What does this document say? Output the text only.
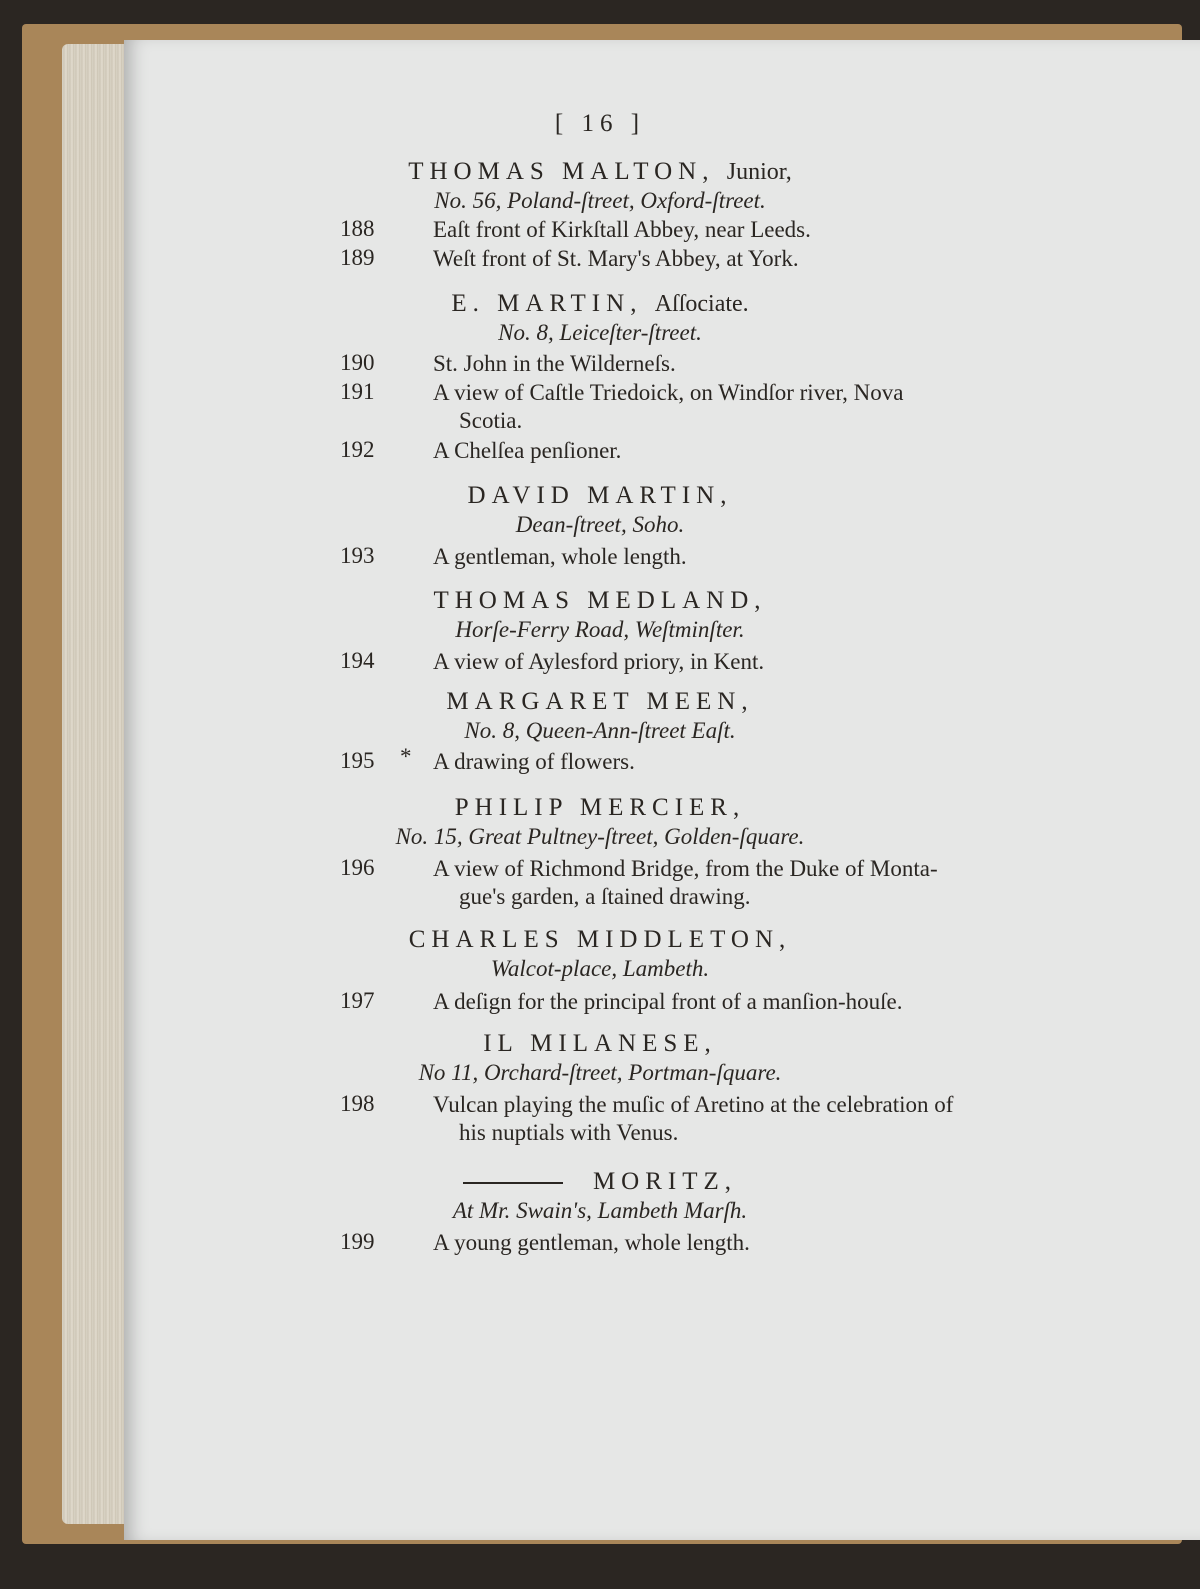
[ 16 ]
THOMAS MALTON, Junior,
No. 56, Poland-ſtreet, Oxford-ſtreet.
188	Eaſt front of Kirkſtall Abbey, near Leeds.
189	Weſt front of St. Mary's Abbey, at York.
E. MARTIN, Aſſociate.
No. 8, Leiceſter-ſtreet.
190	St. John in the Wilderneſs.
191	A view of Caſtle Triedoick, on Windſor river, Nova
Scotia.
192	A Chelſea penſioner.
DAVID MARTIN,
Dean-ſtreet, Soho.
193	A gentleman, whole length.
THOMAS MEDLAND,
Horſe-Ferry Road, Weſtminſter.
194	A view of Aylesford priory, in Kent.
MARGARET MEEN,
No. 8, Queen-Ann-ſtreet Eaſt.
195	* A drawing of flowers.
PHILIP MERCIER,
No. 15, Great Pultney-ſtreet, Golden-ſquare.
196	A view of Richmond Bridge, from the Duke of Monta-
gue's garden, a ſtained drawing.
CHARLES MIDDLETON,
Walcot-place, Lambeth.
197	A deſign for the principal front of a manſion-houſe.
IL MILANESE,
No 11, Orchard-ſtreet, Portman-ſquare.
198	Vulcan playing the muſic of Aretino at the celebration of
his nuptials with Venus.
MORITZ,
At Mr. Swain's, Lambeth Marſh.
199	A young gentleman, whole length.
